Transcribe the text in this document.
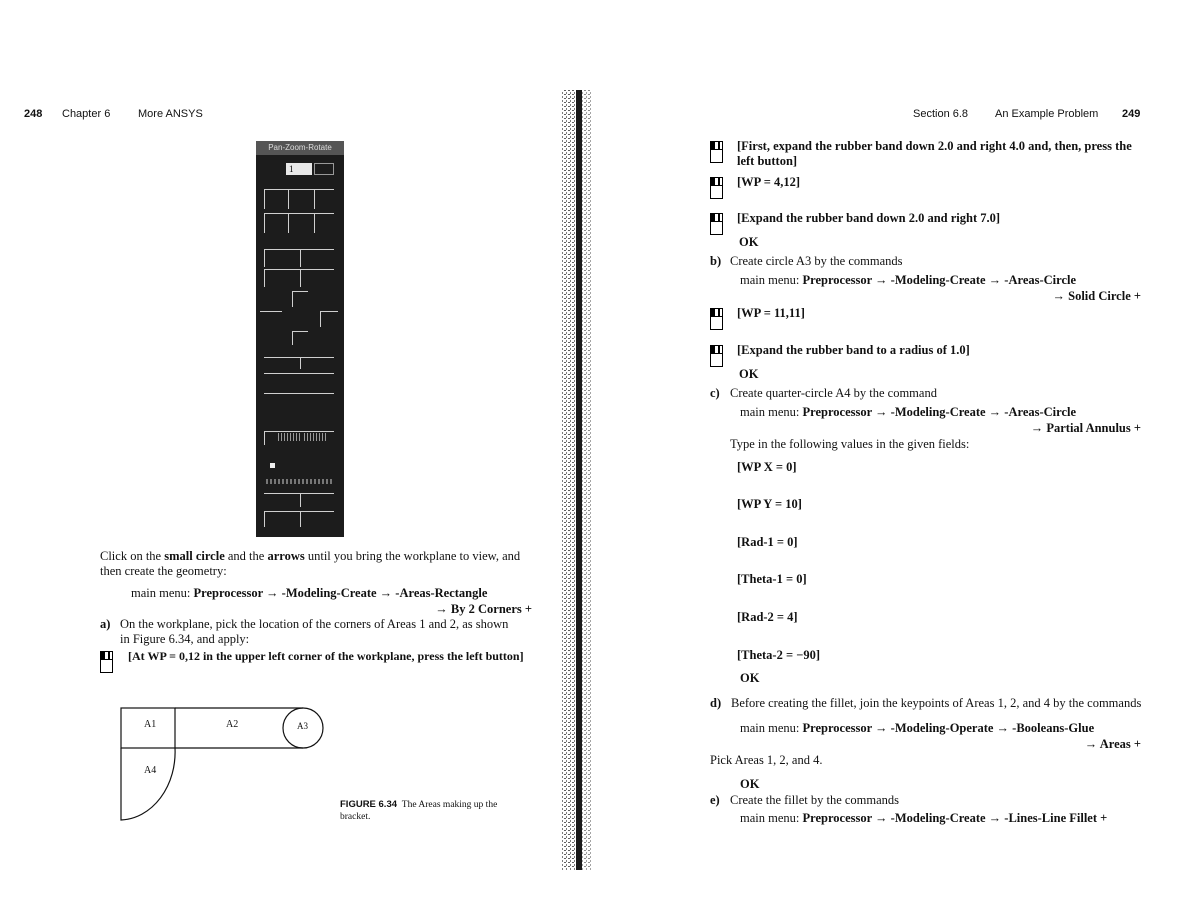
248 Chapter 6	More ANSYS
Pan-Zoom-Rotate
1
Click on the small circle and the arrows until you bring the workplane to view, and
then create the geometry:
main menu: Preprocessor → -Modeling-Create → -Areas-Rectangle
→ By 2 Corners +
a) On the workplane, pick the location of the corners of Areas 1 and 2, as shown
in Figure 6.34, and apply:
[At WP = 0,12 in the upper left corner of the workplane, press the left button]
A1	A2	A3
A4
FIGURE 6.34 The Areas making up the
bracket.
Section 6.8 An Example Problem 249
[First, expand the rubber band down 2.0 and right 4.0 and, then, press the
left button]
[WP = 4,12]
[Expand the rubber band down 2.0 and right 7.0]
OK
b) Create circle A3 by the commands
main menu: Preprocessor → -Modeling-Create → -Areas-Circle
→ Solid Circle +
[WP = 11,11]
[Expand the rubber band to a radius of 1.0]
OK
c) Create quarter-circle A4 by the command
main menu: Preprocessor → -Modeling-Create → -Areas-Circle
→ Partial Annulus +
Type in the following values in the given fields:
[WP X = 0]
[WP Y = 10]
[Rad-1 = 0]
[Theta-1 = 0]
[Rad-2 = 4]
[Theta-2 = −90]
OK
d) Before creating the fillet, join the keypoints of Areas 1, 2, and 4 by the commands
main menu: Preprocessor → -Modeling-Operate → -Booleans-Glue
→ Areas +
Pick Areas 1, 2, and 4.
OK
e) Create the fillet by the commands
main menu: Preprocessor → -Modeling-Create → -Lines-Line Fillet +
